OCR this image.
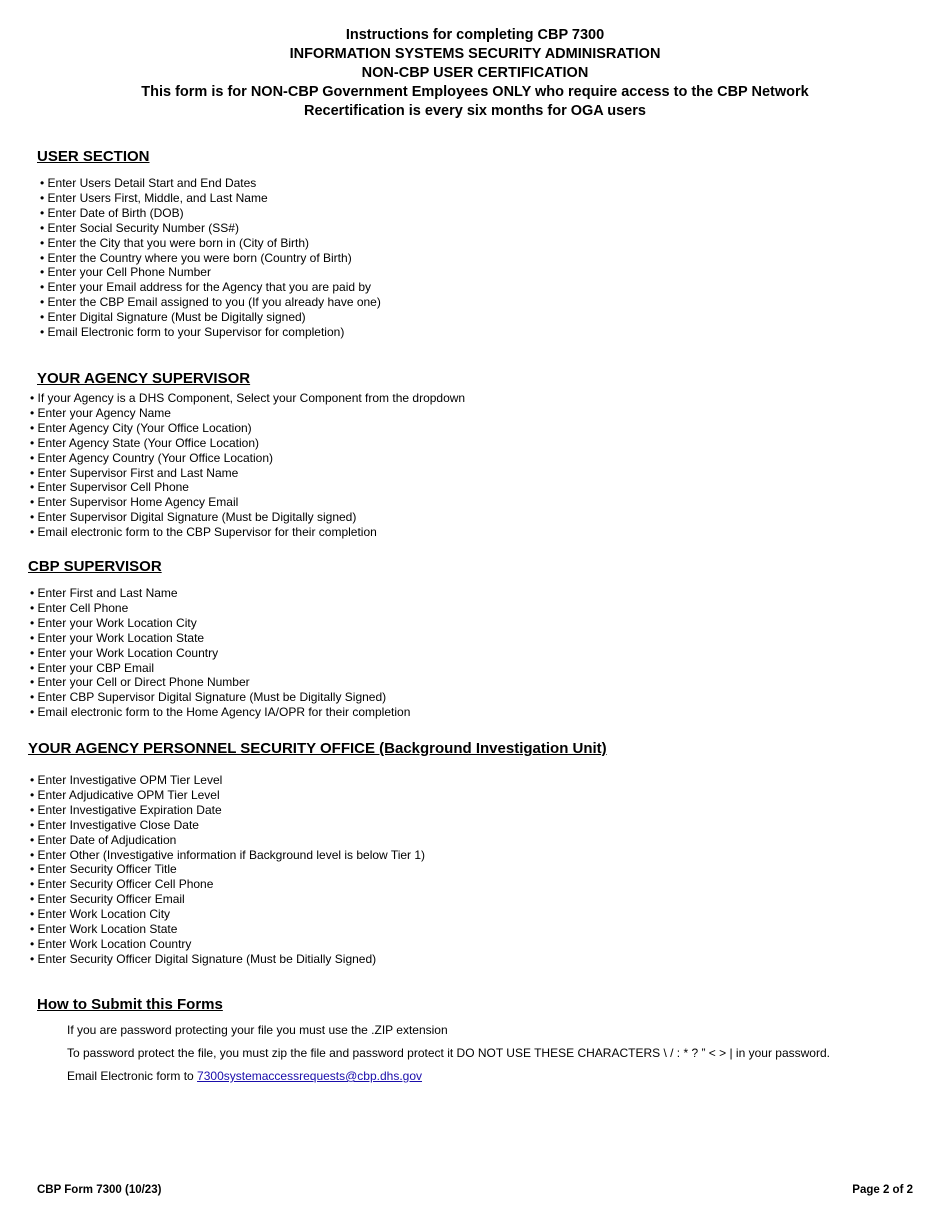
Instructions for completing CBP 7300
INFORMATION SYSTEMS SECURITY ADMINISRATION
NON-CBP USER CERTIFICATION
This form is for NON-CBP Government Employees ONLY who require access to the CBP Network
Recertification is every six months for OGA users
USER SECTION
• Enter Users Detail Start and End Dates
• Enter Users First, Middle, and Last Name
• Enter Date of Birth (DOB)
• Enter Social Security Number (SS#)
• Enter the City that you were born in (City of Birth)
• Enter the Country where you were born (Country of Birth)
• Enter your Cell Phone Number
• Enter your Email address for the Agency that you are paid by
• Enter the CBP Email assigned to you (If you already have one)
• Enter Digital Signature (Must be Digitally signed)
• Email Electronic form to your Supervisor for completion)
YOUR AGENCY SUPERVISOR
• If your Agency is a DHS Component, Select your Component from the dropdown
• Enter your Agency Name
• Enter Agency City (Your Office Location)
• Enter Agency State (Your Office Location)
• Enter Agency Country (Your Office Location)
• Enter Supervisor First and Last Name
• Enter Supervisor Cell Phone
• Enter Supervisor Home Agency Email
• Enter Supervisor Digital Signature (Must be Digitally signed)
• Email electronic form to the CBP Supervisor for their completion
CBP SUPERVISOR
• Enter First and Last Name
• Enter Cell Phone
• Enter your Work Location City
• Enter your Work Location State
• Enter your Work Location Country
• Enter your CBP Email
• Enter your Cell or Direct Phone Number
• Enter CBP Supervisor Digital Signature (Must be Digitally Signed)
• Email electronic form to the Home Agency IA/OPR for their completion
YOUR AGENCY PERSONNEL SECURITY OFFICE (Background Investigation Unit)
• Enter Investigative OPM Tier Level
• Enter Adjudicative OPM Tier Level
• Enter Investigative Expiration Date
• Enter Investigative Close Date
• Enter Date of Adjudication
• Enter Other (Investigative information if Background level is below Tier 1)
• Enter Security Officer Title
• Enter Security Officer Cell Phone
• Enter Security Officer Email
• Enter Work Location City
• Enter Work Location State
• Enter Work Location Country
• Enter Security Officer Digital Signature (Must be Ditially Signed)
How to Submit this Forms

If you are password protecting your file you must use the .ZIP extension

To password protect the file, you must zip the file and password protect it DO NOT USE THESE CHARACTERS \ / : * ? ” < > | in your password.

Email Electronic form to 7300systemaccessrequests@cbp.dhs.gov

CBP Form 7300 (10/23)	Page 2 of 2
